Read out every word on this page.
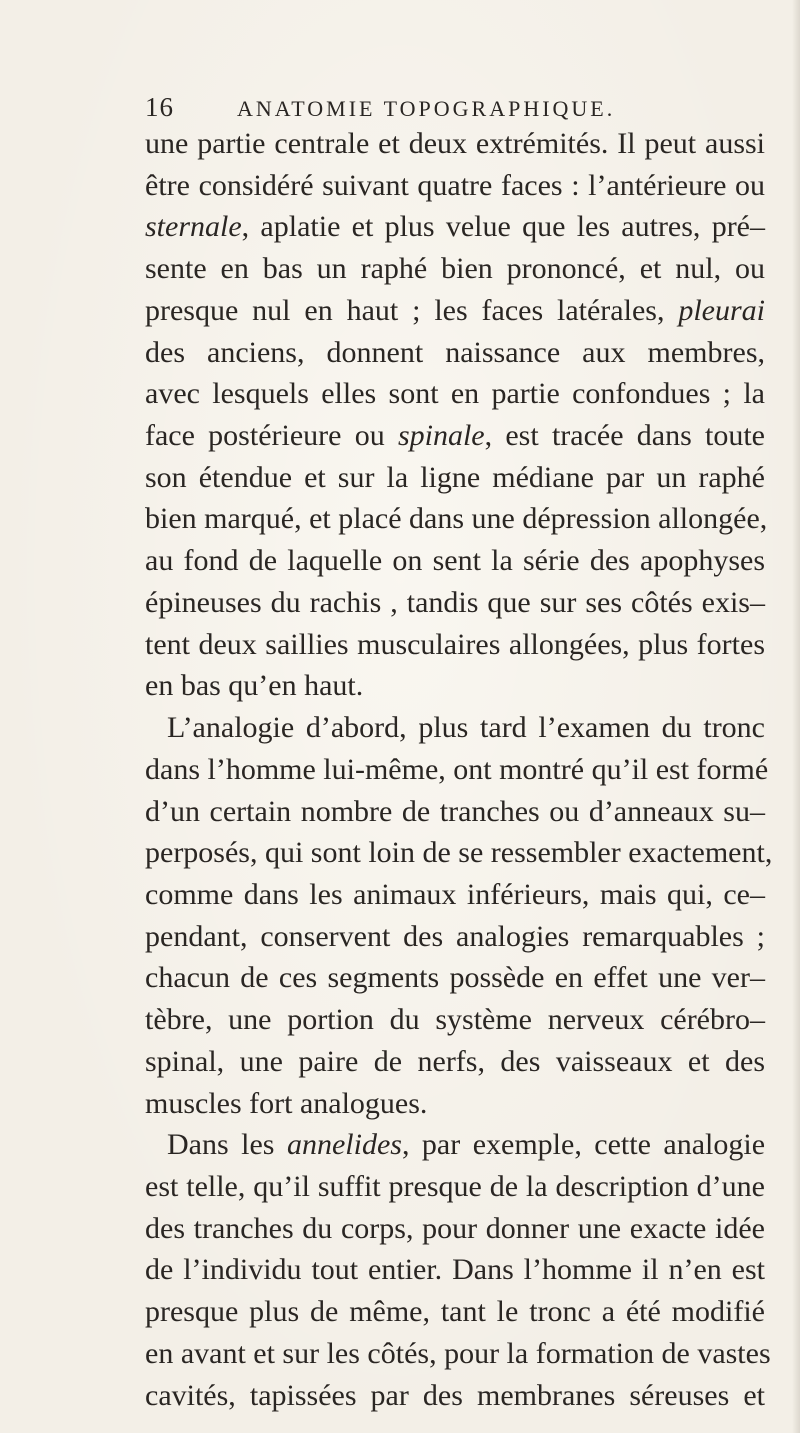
16	ANATOMIE TOPOGRAPHIQUE.
une partie centrale et deux extrémités. Il peut aussi
être considéré suivant quatre faces : l’antérieure ou
sternale, aplatie et plus velue que les autres, pré–
sente en bas un raphé bien prononcé, et nul, ou
presque nul en haut ; les faces latérales, pleurai
des anciens, donnent naissance aux membres,
avec lesquels elles sont en partie confondues ; la
face postérieure ou spinale, est tracée dans toute
son étendue et sur la ligne médiane par un raphé
bien marqué, et placé dans une dépression allongée,
au fond de laquelle on sent la série des apophyses
épineuses du rachis , tandis que sur ses côtés exis–
tent deux saillies musculaires allongées, plus fortes
en bas qu’en haut.
L’analogie d’abord, plus tard l’examen du tronc
dans l’homme lui-même, ont montré qu’il est formé
d’un certain nombre de tranches ou d’anneaux su–
perposés, qui sont loin de se ressembler exactement,
comme dans les animaux inférieurs, mais qui, ce–
pendant, conservent des analogies remarquables ;
chacun de ces segments possède en effet une ver–
tèbre, une portion du système nerveux cérébro–
spinal, une paire de nerfs, des vaisseaux et des
muscles fort analogues.
Dans les annelides, par exemple, cette analogie
est telle, qu’il suffit presque de la description d’une
des tranches du corps, pour donner une exacte idée
de l’individu tout entier. Dans l’homme il n’en est
presque plus de même, tant le tronc a été modifié
en avant et sur les côtés, pour la formation de vastes
cavités, tapissées par des membranes séreuses et
